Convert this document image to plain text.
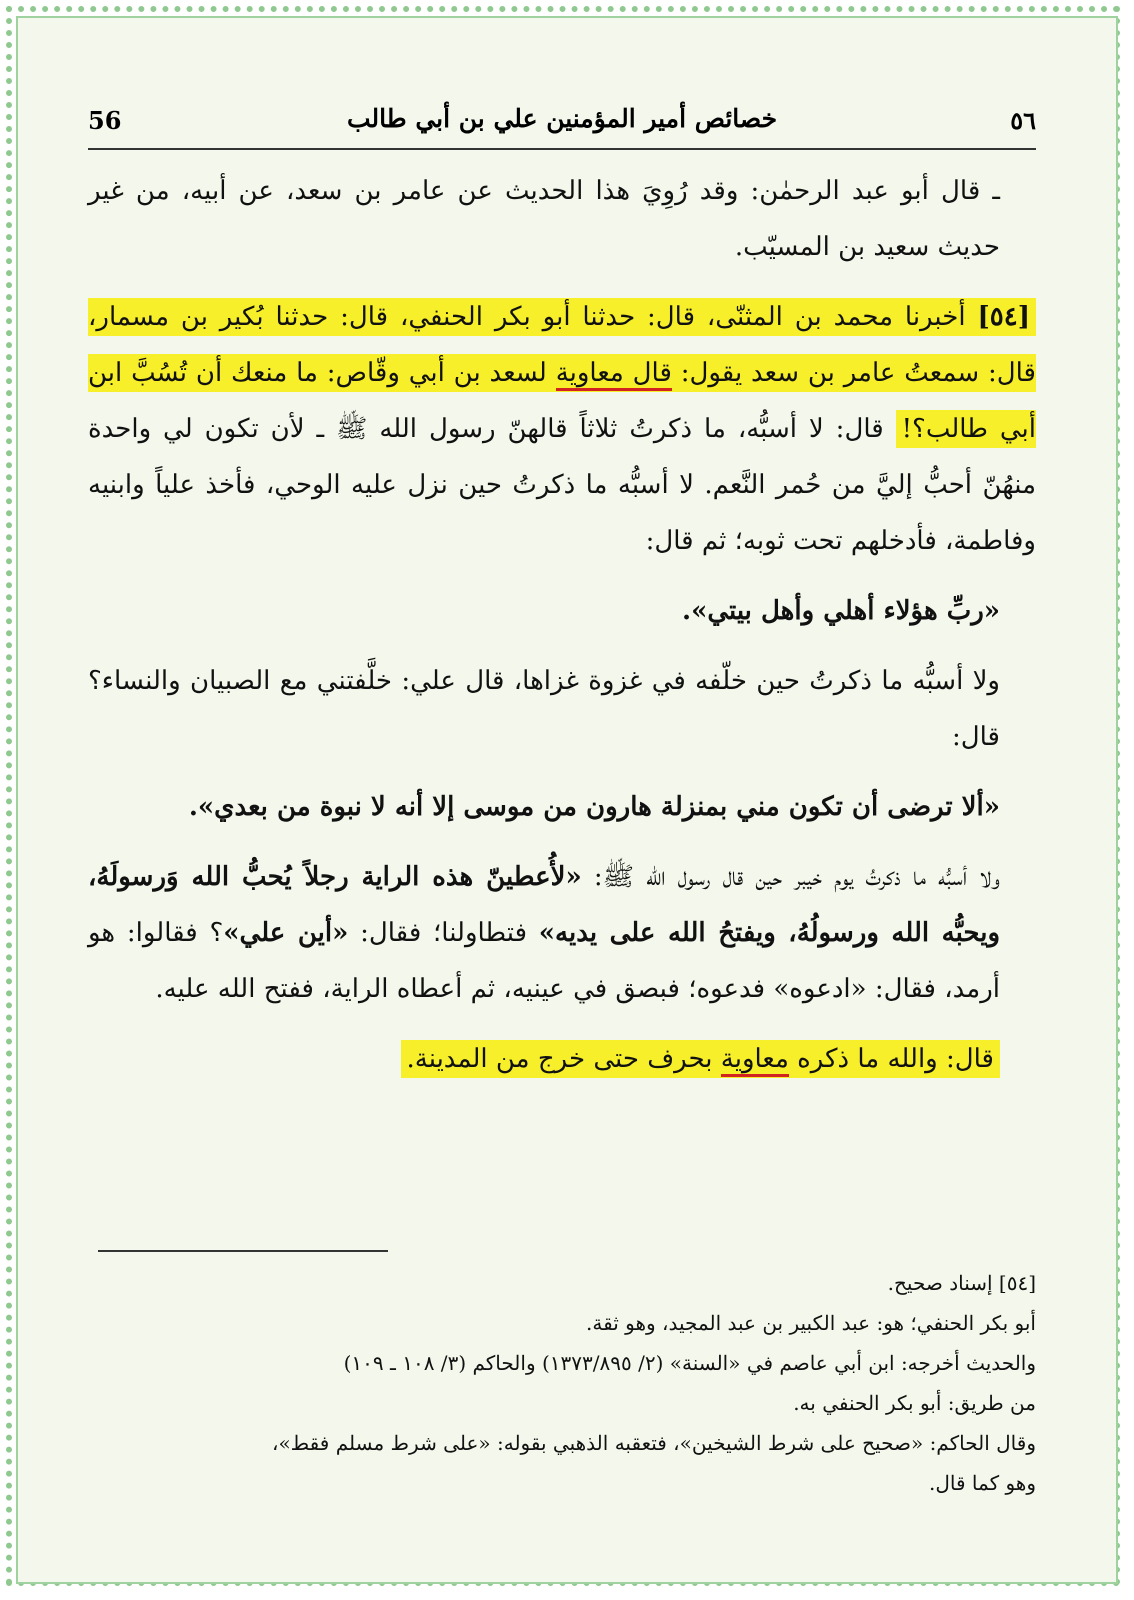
٥٦
خصائص أمير المؤمنين علي بن أبي طالب
56

ـ قال أبو عبد الرحمٰن: وقد رُوِيَ هذا الحديث عن عامر بن سعد، عن أبيه، من غير حديث سعيد بن المسيّب.

[٥٤] أخبرنا محمد بن المثنّى، قال: حدثنا أبو بكر الحنفي، قال: حدثنا بُكير بن مسمار، قال: سمعتُ عامر بن سعد يقول: قال معاوية لسعد بن أبي وقّاص: ما منعك أن تُسُبَّ ابن أبي طالب؟! قال: لا أسبُّه، ما ذكرتُ ثلاثاً قالهنّ رسول الله ﷺ ـ لأن تكون لي واحدة منهُنّ أحبُّ إليَّ من حُمر النَّعم. لا أسبُّه ما ذكرتُ حين نزل عليه الوحي، فأخذ علياً وابنيه وفاطمة، فأدخلهم تحت ثوبه؛ ثم قال:

«ربِّ هؤلاء أهلي وأهل بيتي».

ولا أسبُّه ما ذكرتُ حين خلّفه في غزوة غزاها، قال علي: خلَّفتني مع الصبيان والنساء؟ قال:

«ألا ترضى أن تكون مني بمنزلة هارون من موسى إلا أنه لا نبوة من بعدي».

ولا أسبُّه ما ذكرتُ يوم خيبر حين قال رسول الله ﷺ: «لأُعطينّ هذه الراية رجلاً يُحبُّ الله وَرسولَهُ، ويحبُّه الله ورسولُهُ، ويفتحُ الله على يديه» فتطاولنا؛ فقال: «أين علي»؟ فقالوا: هو أرمد، فقال: «ادعوه» فدعوه؛ فبصق في عينيه، ثم أعطاه الراية، ففتح الله عليه.

قال: والله ما ذكره معاوية بحرف حتى خرج من المدينة.

[٥٤] إسناد صحيح.
أبو بكر الحنفي؛ هو: عبد الكبير بن عبد المجيد، وهو ثقة.
والحديث أخرجه: ابن أبي عاصم في «السنة» (٢/ ١٣٧٣/٨٩٥) والحاكم (٣/ ١٠٨ ـ ١٠٩)
من طريق: أبو بكر الحنفي به.
وقال الحاكم: «صحيح على شرط الشيخين»، فتعقبه الذهبي بقوله: «على شرط مسلم فقط»،
وهو كما قال.
